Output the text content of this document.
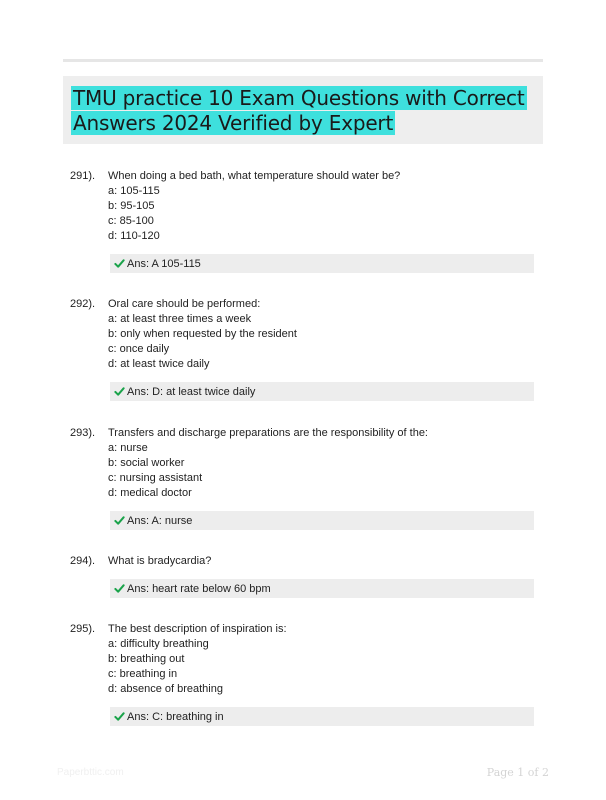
TMU practice 10 Exam Questions with Correct
Answers 2024 Verified by Expert
291). When doing a bed bath, what temperature should water be?
a: 105-115
b: 95-105
c: 85-100
d: 110-120
Ans: A 105-115
292). Oral care should be performed:
a: at least three times a week
b: only when requested by the resident
c: once daily
d: at least twice daily
Ans: D: at least twice daily
293). Transfers and discharge preparations are the responsibility of the:
a: nurse
b: social worker
c: nursing assistant
d: medical doctor
Ans: A: nurse
294). What is bradycardia?
Ans: heart rate below 60 bpm
295). The best description of inspiration is:
a: difficulty breathing
b: breathing out
c: breathing in
d: absence of breathing
Ans: C: breathing in
Paperbttic.com	Page 1 of 2
